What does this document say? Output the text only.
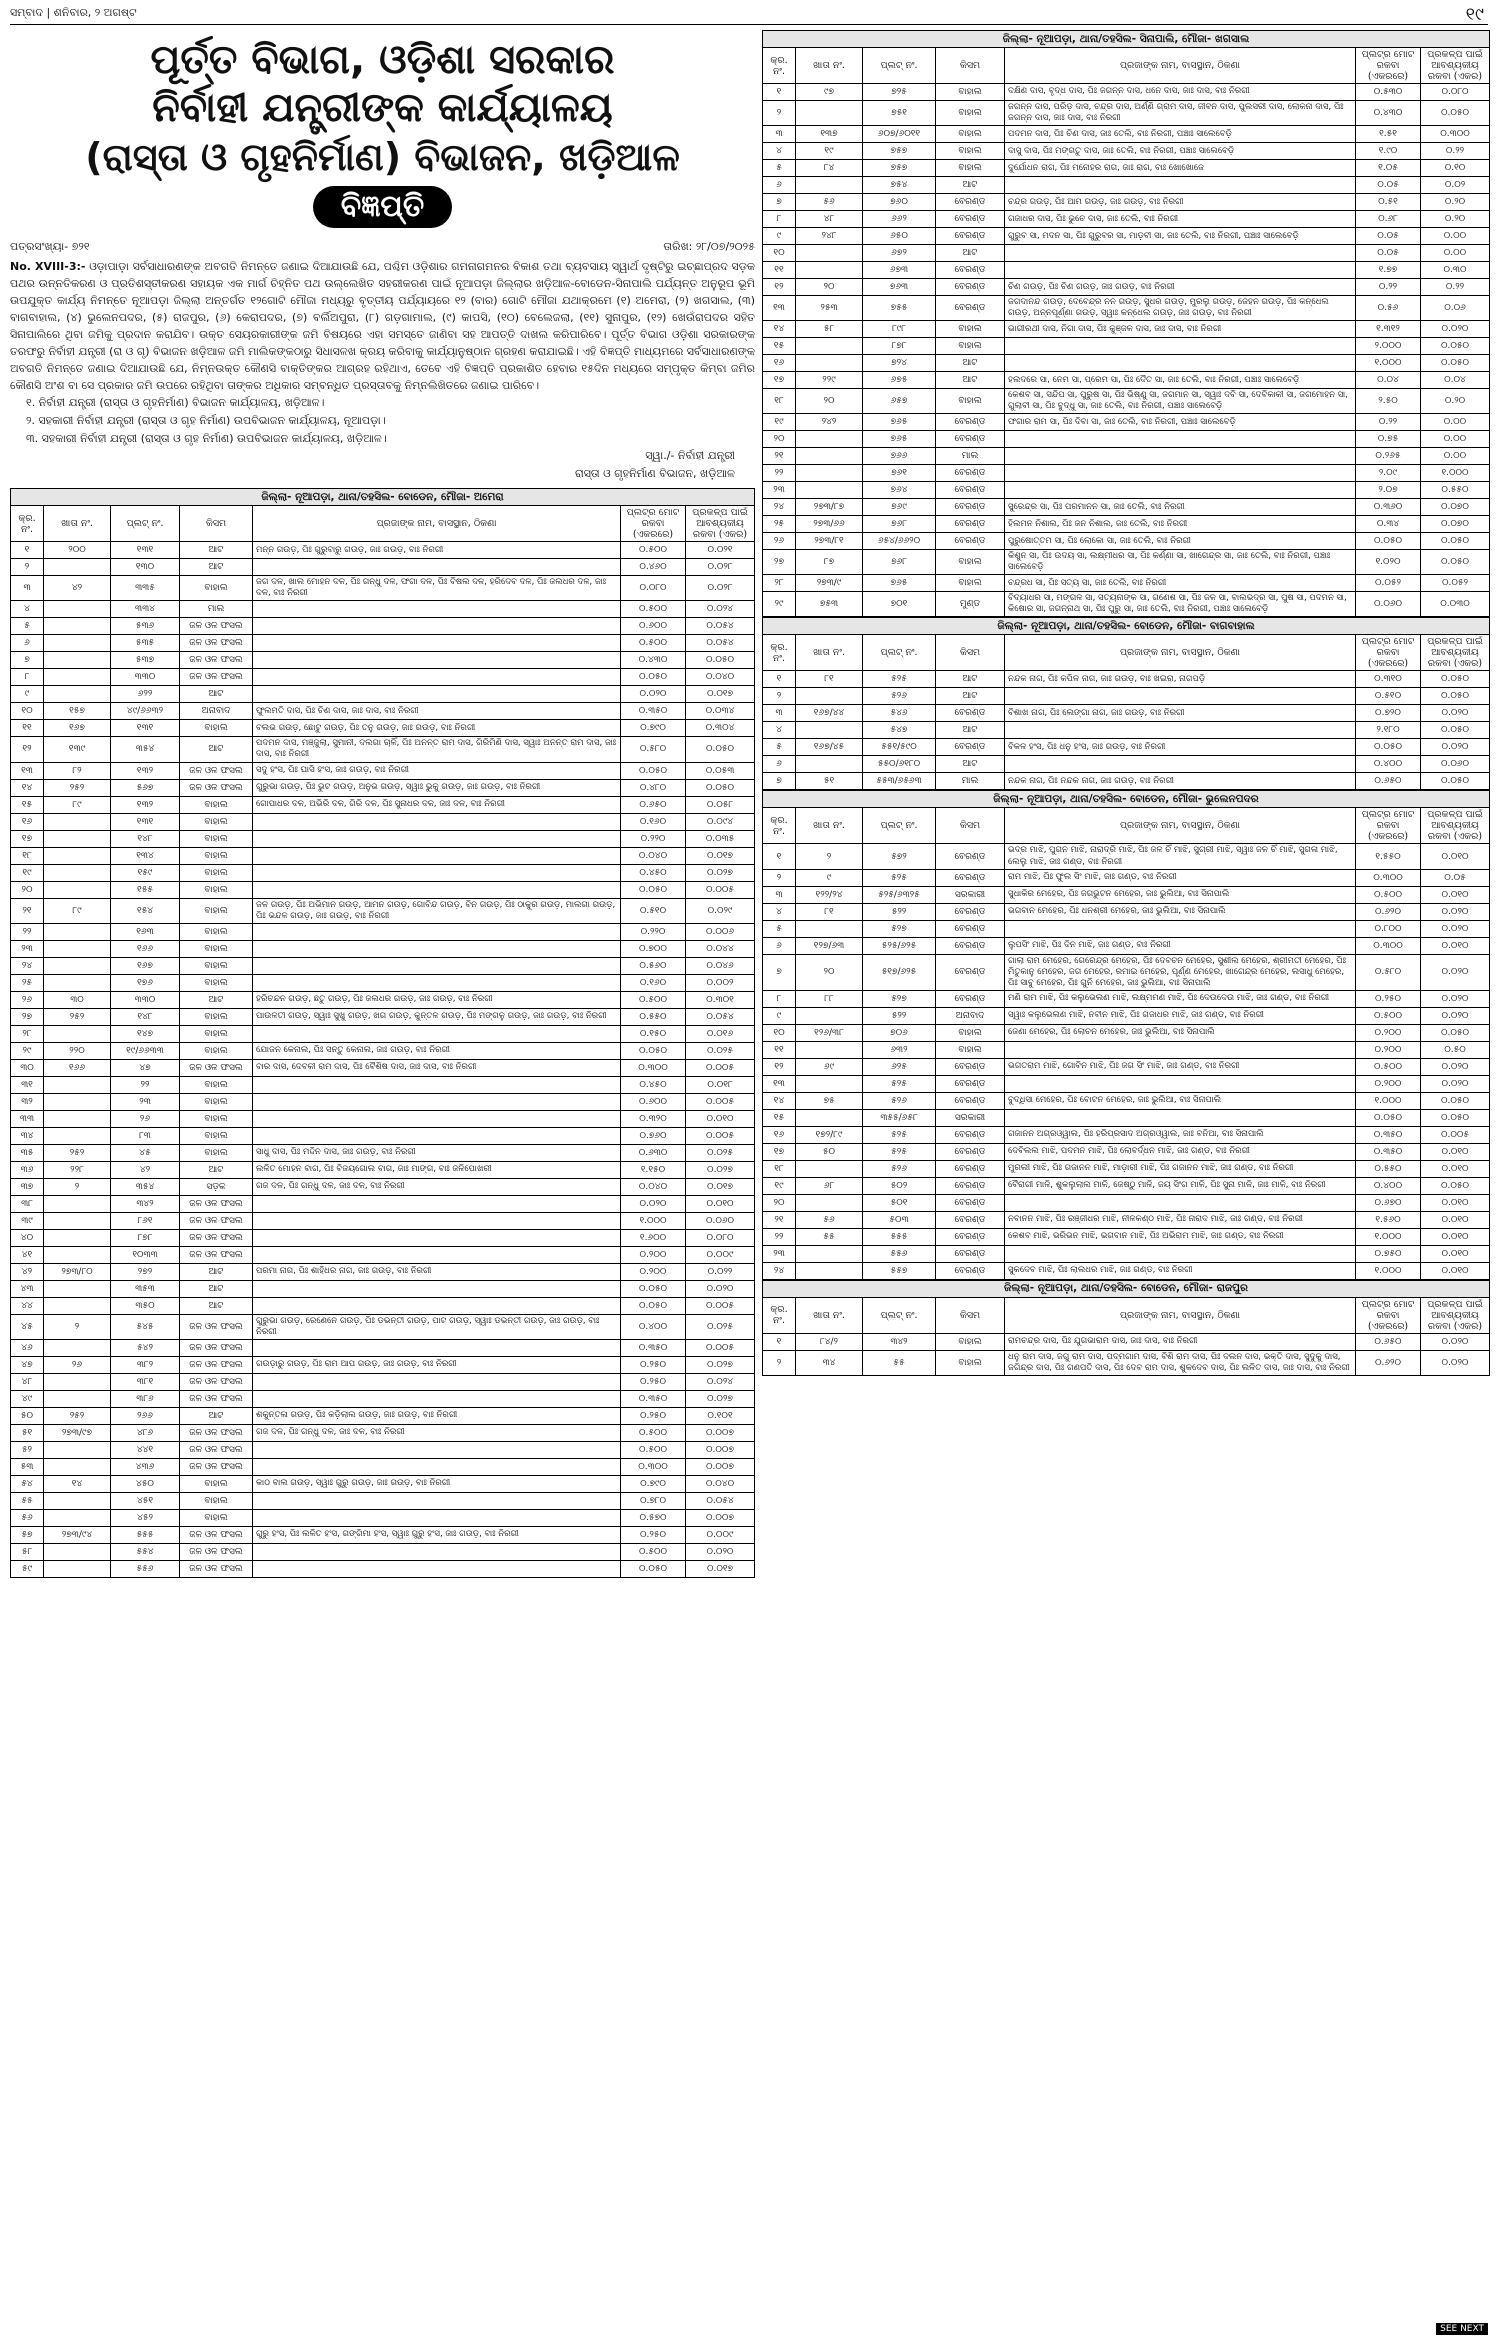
ସମ୍ବାଦ | ଶନିବାର, ୨ ଅଗଷ୍ଟ	୧୯
ପୂର୍ତ୍ତ ବିଭାଗ, ଓଡ଼ିଶା ସରକାର
ନିର୍ବାହୀ ଯନ୍ତ୍ରୀଙ୍କ କାର୍ଯ୍ୟାଳୟ
(ରାସ୍ତା ଓ ଗୃହନିର୍ମାଣ) ବିଭାଜନ, ଖଡ଼ିଆଳ
ବିଜ୍ଞପ୍ତି
ପତ୍ରସଂଖ୍ୟା- ୭୨୧	ତାରିଖ: ୨୮/୦୭/୨୦୨୫
No. XVIII-3:- ଓଡ଼ାପାଡ଼ା ସର୍ବସାଧାରଣଙ୍କ ଅବଗତି ନିମନ୍ତେ ଜଣାଇ ଦିଆଯାଉଛି ଯେ, ପଶ୍ଚିମ ଓଡ଼ିଶାର ଗମନାଗମନର ବିକାଶ ତଥା ବ୍ୟବସାୟ ସ୍ୱାର୍ଥ ଦୃଷ୍ଟିରୁ ଇଚ୍ଛାପ୍ରଦ ସଡ଼କ ପଥର ଉନ୍ନତିକରଣ ଓ ପ୍ରତିଶସ୍ତୀକରଣ ସହାୟକ ଏକ ମାର୍ଗ ଚିହ୍ନିତ ପଥ ଉଲ୍ଲେଖିତ ସହରୀକରଣ ପାଇଁ ନୂଆପଡ଼ା ଜିଲ୍ଲାର ଖଡ଼ିଆଳ-ବୋଡେନ-ସିନାପାଲି ପର୍ଯ୍ୟନ୍ତ ଅନୁରୂପ ଭୂମି ଉପଯୁକ୍ତ କାର୍ଯ୍ୟ ନିମନ୍ତେ ନୂଆପଡ଼ା ଜିଲ୍ଲା ଅନ୍ତର୍ଗତ ୧୨ଗୋଟି ମୌଜା ମଧ୍ୟରୁ ବୃତ୍ତୀୟ ପର୍ଯ୍ୟାୟରେ ୧୨ (ବାର) ଗୋଟି ମୌଜା ଯଥାକ୍ରମେ (୧) ଅମେରା, (୨) ଖଗସାଲ, (୩) ବାଗବାହାଲ, (୪) ଭୁଲେନପଦର, (୫) ରାଜପୁର, (୬) କେରାପଦର, (୭) ବର୍ଲିଅପୁରା, (୮) ଗଡ଼ଗାମାଲ, (୯) କାପସି, (୧୦) ବେଲେଜଲା, (୧୧) ସୁନାପୁର, (୧୨) ଖେଉଁରାପଦର ସହିତ ସିନାପାଲିରେ ଥିବା ଜମିକୁ ପ୍ରଦାନ କରାଯିବ। ଉକ୍ତ ସେୟରକାରୀଙ୍କ ଜମି ବିଷୟରେ ଏହା ସମସ୍ତେ ଜାଣିବା ସହ ଆପତ୍ତି ଦାଖଲ କରିପାରିବେ। ପୂର୍ତ୍ତ ବିଭାଗ ଓଡ଼ିଶା ସରକାରଙ୍କ ତରଫରୁ ନିର୍ବାହୀ ଯନ୍ତ୍ରୀ (ରା ଓ ଗୃ) ବିଭାଜନ ଖଡ଼ିଆଳ ଜମି ମାଲିକଙ୍କଠାରୁ ସିଧାସଳଖ କ୍ରୟ କରିବାକୁ କାର୍ଯ୍ୟାନୁଷ୍ଠାନ ଗ୍ରହଣ କରାଯାଇଛି। ଏହି ବିଜ୍ଞପ୍ତି ମାଧ୍ୟମରେ ସର୍ବସାଧାରଣଙ୍କ ଅବଗତି ନିମନ୍ତେ ଜଣାଇ ଦିଆଯାଉଛି ଯେ, ନିମ୍ନଉକ୍ତ କୌଣସି ବାକ୍ତିଙ୍କର ଆଗ୍ରହ ରହିଥାଏ, ତେବେ ଏହି ବିଜ୍ଞପ୍ତି ପ୍ରକାଶିତ ହେବାର ୧୫ଦିନ ମଧ୍ୟରେ ସମ୍ପୃକ୍ତ କିମ୍ବା ଜମିର କୌଣସି ଅଂଶ ବା ସେ ପ୍ରକାର ଜମି ଉପରେ ରହିଥିବା ତାଙ୍କର ଅଧିକାର ସମ୍ବନ୍ଧିତ ପ୍ରସ୍ତାବକୁ ନିମ୍ନଲିଖିତରେ ଜଣାଇ ପାରିବେ।
୧. ନିର୍ବାହୀ ଯନ୍ତ୍ରୀ (ରାସ୍ତା ଓ ଗୃହନିର୍ମାଣ) ବିଭାଜନ କାର୍ଯ୍ୟାଳୟ, ଖଡ଼ିଆଳ।
୨. ସହକାରୀ ନିର୍ବାହୀ ଯନ୍ତ୍ରୀ (ରାସ୍ତା ଓ ଗୃହ ନିର୍ମାଣ) ଉପବିଭାଜନ କାର୍ଯ୍ୟାଳୟ, ନୂଆପଡ଼ା।
୩. ସହକାରୀ ନିର୍ବାହୀ ଯନ୍ତ୍ରୀ (ରାସ୍ତା ଓ ଗୃହ ନିର୍ମାଣ) ଉପବିଭାଜନ କାର୍ଯ୍ୟାଳୟ, ଖଡ଼ିଆଳ।
ସ୍ୱା./- ନିର୍ବାହୀ ଯନ୍ତ୍ରୀ
ରାସ୍ତା ଓ ଗୃହନିର୍ମାଣ ବିଭାଜନ, ଖଡ଼ିଆଳ
ଜିଲ୍ଲା- ନୂଆପଡ଼ା, ଥାନା/ତହସିଲ- ବୋଡେନ, ମୌଜା- ଅମେରା						
କ୍ର. ନଂ.	ଖାତା ନଂ.	ପ୍ଲଟ୍ ନଂ.	କିସମ	ପ୍ରଜାଙ୍କ ନାମ, ବାସସ୍ଥାନ, ଠିକଣା	ପ୍ଲଟ୍‌ର ମୋଟ ରକବା (ଏକରରେ)	ପ୍ରକଳ୍ପ ପାଇଁ ଆବଶ୍ୟକୀୟ ରକବା (ଏକର)
୧	୨୦୦	୧୩୧	ଆଟ	ମନ୍ନ ଗଉଡ଼, ପିଃ ଗୁରୁବାରୁ ଗଉଡ଼, ଜାଃ ଗଉଡ଼, ବାଃ ନିରଗୀ	୦.୫୦୦	୦.୦୨୧
୨		୧୩୦	ଆଟ		୦.୪୬୦	୦.୦୨୮
୩	୪୨	୩୩୫	ବାହାଲ	ଜଗ ଦଳ, ଖାଲ ମୋହନ ଦଳ, ପିଃ ଗନ୍ଧୁ ଦଳ, ଫଗା ଦଳ, ପିଃ ବିଷଲ ଦଳ, ହରିଦେବ ଦଳ, ପିଃ ଜଲଧର ଦଳ, ଜାଃ ଦଳ, ବାଃ ନିରଗୀ	୦.୦୮୦	୦.୦୨୮
୪		୩୩୪	ମାଲ		୦.୫୦୦	୦.୦୨୪
୫		୫୩୬	ଜଳ ଓଳ ଫସଲ		୦.୬୦୦	୦.୦୫୪
୬		୫୩୫	ଜଳ ଓଳ ଫସଲ		୦.୫୦୦	୦.୦୫୪
୭		୫୩୭	ଜଳ ଓଳ ଫସଲ		୦.୪୩୦	୦.୦୫୦
୮		୩୩୦	ଜଳ ଓଳ ଫସଲ		୦.୦୫୦	୦.୦୪୦
୯		୬୨୨	ଆଟ		୦.୦୨୦	୦.୦୧୭
୧୦	୧୫୭	୪୯/୬୬୩୨	ଅନାବାଦ	ଫୁଲମତି ଦାସ, ପିଃ ଚିଣ ଦାସ, ଜାଃ ଦାସ, ବାଃ ନିରଗୀ	୦.୩୫୦	୦.୦୩୪
୧୧	୧୬୭	୧୩୧	ବାହାଲ	ବଲଭ ଗଉଡ଼, ଛୋଟୁ ଗଉଡ଼, ପିଃ ତନୁ ଗଉଡ଼, ଜାଃ ଗଉଡ଼, ବାଃ ନିରଗୀ	୦.୭୯୦	୦.୩୦୪
୧୨	୧୩୯	୩୫୪	ଆଟ	ପଦମନ ଦାସ, ମଞ୍ଜୁଲା, ସୁମାନୀ, ଦଲଗା ଚାଳିଁ, ପିଃ ଅନନ୍ତ ରାମ ଦାସ, ଗିରିମିଣି ଦାସ, ସ୍ୱାଃ ଅନନ୍ତ ରାମ ଦାସ, ଜାଃ ଦାସ, ବାଃ ନିରଗୀ	୦.୫୮୦	୦.୦୫୦
୧୩	୮୨	୧୩୨	ଜଳ ଓଳ ଫସଲ	ସଦୁ ହଂସ, ପିଃ ଘାସି ହଂସ, ଜାଃ ଗଉଡ଼, ବାଃ ନିରଗୀ	୦.୦୫୦	୦.୦୫୩
୧୪	୨୫୨	୫୬୭	ଜଳ ଓଳ ଫସଲ	ଗୁରୁଭା ଗଉଡ଼, ପିଃ ଭୁଟ ଗଉଡ଼, ଅନୁଭ ଗଉଡ଼, ସ୍ୱାଃ ଭୁକୁ ଗଉଡ଼, ଜାଃ ଗଉଡ଼, ବାଃ ନିରଗୀ	୦.୪୮୦	୦.୦୫୦
୧୫	୮୯	୧୩୨	ବାହାଲ	ଗୋପାଧର ଦଳ, ଅଭିରି ଦଳ, ଗିରି ଦଳ, ପିଃ ସୁନାଧର ଦଳ, ଜାଃ ଦଳ, ବାଃ ନିରଗୀ	୦.୬୫୦	୦.୦୫୮
୧୬		୧୩୧	ବାହାଲ		୦.୧୬୦	୦.୦୯୪
୧୭		୧୪୮	ବାହାଲ		୦.୨୨୦	୦.୦୩୫
୧୮		୧୩୪	ବାହାଲ		୦.୦୪୦	୦.୦୧୭
୧୯		୧୫୯	ବାହାଲ		୦.୪୫୦	୦.୦୨୭
୨୦		୧୫୫	ବାହାଲ		୦.୦୫୦	୦.୦୦୫
୨୧	୮୯	୧୫୪	ବାହାଲ	ଜଳ ଗଉଡ଼, ପିଃ ଅଭିମାନ ଗଉଡ଼, ଆମନ ଗଉଡ଼, ଗୋବିନ୍ଦ ଗଉଡ଼, ବିନ ଗଉଡ଼, ପିଃ ଠାକୁର ଗଉଡ଼, ମାଲଗା ଗଉଡ଼, ପିଃ ଭନ୍ଦଳ ଗଉଡ଼, ଜାଃ ଗଉଡ଼, ବାଃ ନିରଗୀ	୦.୫୧୦	୦.୦୨୯
୨୨		୧୬୩	ବାହାଲ		୦.୨୨୦	୦.୦୦୬
୨୩		୧୬୬	ବାହାଲ		୦.୭୦୦	୦.୦୪୪
୨୪		୧୬୭	ବାହାଲ		୦.୫୬୦	୦.୦୪୬
୨୫		୧୭୬	ବାହାଲ		୦.୧୬୦	୦.୦୦୨
୨୬	୩୦	୩୩୦	ଆଟ	ହରିଚନ୍ଦନ ଗଉଡ଼, ଛତୁ ଗଉଡ଼, ପିଃ ଜଲଧର ଗଉଡ଼, ଜାଃ ଗଉଡ଼, ବାଃ ନିରଗୀ	୦.୫୦୦	୦.୩୦୧
୨୭	୨୫୨	୧୪୮	ବାହାଲ	ପାଉଳତୀ ଗଉଡ଼, ସ୍ୱାଃ ସୁଖୁ ଗଉଡ଼, ଖଗ ଗଉଡ଼, କୁନ୍ତଳ ଗଉଡ଼, ପିଃ ମଙ୍ଗଳୁ ଗଉଡ଼, ଜାଃ ଗଉଡ଼, ବାଃ ନିରଗୀ	୦.୫୫୦	୦.୦୫୪
୨୮		୧୪୭	ବାହାଲ		୦.୧୫୦	୦.୦୧୬
୨୯	୨୨୦	୧୯/୬୬୩୩	ବାହାଲ	ଯୋଜନ କେନାଲ, ପିଃ ସନ୍ତୁ କେନାଲ, ଜାଃ ଗଉଡ଼, ବାଃ ନିରଗୀ	୦.୦୫୦	୦.୦୨୫
୩୦	୧୬୬	୪୭	ଜଳ ଓଳ ଫସଲ	ବାର ଦାସ, ଦେବକୀ ରାମ ଦାସ, ପିଃ ବୈଶିଷ ଦାସ, ଜାଃ ଦାସ, ବାଃ ନିରଗୀ	୦.୩୦୦	୦.୦୦୫
୩୧		୨୨	ବାହାଲ		୦.୪୫୦	୦.୦୧୮
୩୨		୨୩	ବାହାଲ		୦.୬୦୦	୦.୦୦୫
୩୩		୨୬	ବାହାଲ		୦.୩୨୦	୦.୦୧୦
୩୪		୮୩	ବାହାଲ		୦.୭୬୦	୦.୦୦୫
୩୫	୨୫୨	୪୫	ବାହାଲ	ସାଧୁ ଦାସ, ପିଃ ମଦ୍ଦିନ ଦାସ, ଜାଃ ଗଉଡ଼, ବାଃ ନିରଗୀ	୦.୬୩୦	୦.୦୨୫
୩୬	୨୨୮	୪୨	ଆଟ	ଲଳିତ ମୋହନ ବାଗ, ପିଃ ବିଜୟଗୋଲ ବାଗ, ଜାଃ ମାଙ୍ଗ, ବାଃ ଜଳିପୋଖରୀ	୧.୧୫୦	୦.୦୨୭
୩୭	୨	୩୫୪	ସଡ଼କ	ଗଜ ଦଳ, ପିଃ ଗନ୍ଧୁ ଦଳ, ଜାଃ ଦଳ, ବାଃ ନିରଗୀ	୦.୦୪୦	୦.୦୧୭
୩୮		୩୪୨	ଜଳ ଓଳ ଫସଲ		୦.୦୨୦	୦.୦୧୦
୩୯		୮୬୧	ଜଳ ଓଳ ଫସଲ		୧.୦୦୦	୦.୦୬୦
୪୦		୮୭୮	ଜଳ ଓଳ ଫସଲ		୧.୬୦୦	୦.୦୮୦
୪୧		୧୦୩୩	ଜଳ ଓଳ ଫସଲ		୦.୨୦୦	୦.୦୦୯
୪୨	୨୭୩/୮୦	୨୭୨	ଆଟ	ପରମା ନାଗ, ପିଃ ଶାହିଧର ନାଗ, ଜାଃ ଗଉଡ଼, ବାଃ ନିରଗୀ	୦.୨୦୦	୦.୦୨୨
୪୩		୩୫୩	ଆଟ		୦.୦୫୦	୦.୦୨୦
୪୪		୩୫୦	ଆଟ		୦.୦୫୦	୦.୦୦୫
୪୫	୨	୫୪୫	ଜଳ ଓଳ ଫସଲ	ଗୁରୁଭା ଗଉଡ଼, ରେଣେନେ ଗଉଡ଼, ପିଃ ଡଭନ୍ତୀ ଗଉଡ଼, ପାଟ ଗଉଡ଼, ସ୍ୱାଃ ଡଭନ୍ତୀ ଗଉଡ଼, ଜାଃ ଗଉଡ଼, ବାଃ ନିରଗୀ	୦.୪୦୦	୦.୦୨୫
୪୬		୫୪୨	ଜଳ ଓଳ ଫସଲ		୦.୩୫୦	୦.୦୦୫
୪୭	୨୬	୩୮୨	ଜଳ ଓଳ ଫସଲ	ଗଉଡ଼ାରୁ ଗଉଡ଼, ପିଃ ରାମ ଆପ ଗଉଡ଼, ଜାଃ ଗଉଡ଼, ବାଃ ନିରଗୀ	୦.୨୫୦	୦.୦୨୭
୪୮		୩୮୧	ଜଳ ଓଳ ଫସଲ		୦.୨୫୦	୦.୦୨୪
୪୯		୩୮୬	ଜଳ ଓଳ ଫସଲ		୦.୩୫୦	୦.୦୨୭
୫୦	୨୫୨	୨୬୬	ଆଟ	ଶକୁନ୍ତଳା ଗଉଡ଼, ପିଃ କଡ଼ିଲାଲ ଗଉଡ଼, ଜାଃ ଗଉଡ଼, ବାଃ ନିରଗୀ	୦.୨୫୦	୦.୧୦୧
୫୧	୨୭୩/୯୭	୪୮୬	ଜଳ ଓଳ ଫସଲ	ଗଜ ଦଳ, ପିଃ ଗନ୍ଧୁ ଦଳ, ଜାଃ ଦଳ, ବାଃ ନିରଗୀ	୦.୫୦୦	୦.୦୦୭
୫୨		୪୪୧	ଜଳ ଓଳ ଫସଲ		୦.୫୦୦	୦.୦୦୭
୫୩		୪୩୬	ଜଳ ଓଳ ଫସଲ		୦.୩୦୦	୦.୦୦୭
୫୪	୧୪	୪୫୦	ବାହାଲ	କାଠ ବାଲ ଗଉଡ଼, ସ୍ୱାଃ ଗୁରୁ ଗଉଡ଼, ଜାଃ ଗଉଡ଼, ବାଃ ନିରଗୀ	୦.୭୯୦	୦.୦୪୦
୫୫		୪୫୧	ବାହାଲ		୦.୭୮୦	୦.୦୫୪
୫୬		୪୫୨	ବାହାଲ		୦.୫୭୦	୦.୦୦୭
୫୭	୨୭୩/୯୪	୫୫୫	ଜଳ ଓଳ ଫସଲ	ଗୁରୁ ହଂସ, ପିଃ ଲଳିତ ହଂସ, ଗଙ୍ଗିମା ହଂସ, ସ୍ୱାଃ ଗୁରୁ ହଂସ, ଜାଃ ଗଉଡ଼, ବାଃ ନିରଗୀ	୦.୨୫୦	୦.୦୦୯
୫୮		୫୫୪	ଜଳ ଓଳ ଫସଲ		୦.୫୦୦	୦.୦୨୦
୫୯		୫୫୬	ଜଳ ଓଳ ଫସଲ		୦.୦୫୦	୦.୦୧୭
ଜିଲ୍ଲା- ନୂଆପଡ଼ା, ଥାନା/ତହସିଲ- ସିନାପାଲି, ମୌଜା- ଖଗସାଲ						
କ୍ର. ନଂ.	ଖାତା ନଂ.	ପ୍ଲଟ୍ ନଂ.	କିସମ	ପ୍ରଜାଙ୍କ ନାମ, ବାସସ୍ଥାନ, ଠିକଣା	ପ୍ଲଟ୍‌ର ମୋଟ ରକବା (ଏକରରେ)	ପ୍ରକଳ୍ପ ପାଇଁ ଆବଶ୍ୟକୀୟ ରକବା (ଏକର)
୧	୯୭	୭୨୫	ବାହାଲ	ଦକ୍ଷିଣ ଦାସ, ବୃଦ୍ଧ ଦାସ, ପିଃ ଜଗନ୍ନ ଦାସ, ଧନେ ଦାସ, ଜାଃ ଦାସ, ବାଃ ନିରଗୀ	୦.୫୩୦	୦.୦୮୦
୨		୭୫୧	ବାହାଲ	ଜଗନ୍ନ ଦାସ, ପରିଡ଼ ଦାସ, ଚନ୍ଦ୍ର ଦାସ, ଅର୍ଣ୍ଣି ଗ୍ରାମ ଦାସ, ଜୀବନ ଦାସ, ପୁଲସରୀ ଦାସ, ଲୋକନା ଦାସ, ପିଃ ଜଗନ୍ନ ଦାସ, ଜାଃ ଦାସ, ବାଃ ନିରଗୀ	୦.୪୩୦	୦.୦୫୦
୩	୧୩୭	୬୦୭/୬୦୧୧	ବାହାଲ	ପଦମନ ଦାସ, ପିଃ ଚିଣ ଦାସ, ଜାଃ ତେଲି, ବାଃ ନିରଗୀ, ପଞ୍ଚାଃ ସାଲେବେଡ଼ି	୧.୫୧	୦.୩୦୦
୪	୧୯	୭୫୭	ବାହାଲ	ଦାସୁ ଦାସ, ପିଃ ମଙ୍ଗତୁ ଦାସ, ଜାଃ ତେଲି, ବାଃ ନିରଗୀ, ପଞ୍ଚାଃ ସାଲେବେଡ଼ି	୧.୯୦	୦.୨୨
୫	୮୪	୭୫୭	ବାହାଲ	ଦୁର୍ଯୋଧନ ରାଗ, ପିଃ ମନୋହର ରାଗ, ଜାଃ ରାଗ, ବାଃ ଖୋଖୋଜେ	୧.୦୫	୦.୧୦
୬		୭୫୪	ଆଟ		୦.୦୫	୦.୦୨
୭	୫୬	୭୬୦	ବେରଣ୍ଡ	ଚନ୍ଦ୍ର ଗଉଡ଼, ପିଃ ଆମ ଗଉଡ଼, ଜାଃ ଗଉଡ଼, ବାଃ ନିରଗୀ	୦.୫୧	୦.୨୦
୮	୪୮	୬୬୨	ବେରଣ୍ଡ	ଗଜାଧର ଦାସ, ପିଃ ଭୁଚେ ଦାସ, ଜାଃ ତେଲି, ବାଃ ନିରଗୀ	୦.୬୮	୦.୨୦
୯	୨୪୮	୬୫୦	ବେରଣ୍ଡ	ଗୁରୁବ ସା, ମଦନ ସା, ପିଃ ଗୁରୁବର ସା, ମାଡ଼ବୀ ସା, ଜାଃ ତେଲି, ବାଃ ନିରଗୀ, ପଞ୍ଚାଃ ସାଲେବେଡ଼ି	୦.୦୫	୦.୦୦
୧୦		୬୭୨	ଆଟ		୦.୦୫	୦.୦୦
୧୧		୬୭୩	ବେରଣ୍ଡ		୧.୭୭	୦.୩୦
୧୨	୨୦	୭୬୩	ବେରଣ୍ଡ	ଚିଣ ଗଉଡ଼, ପିଃ ଚିଣ ଗଉଡ଼, ଜାଃ ଗଉଡ଼, ବାଃ ନିରଗୀ	୦.୨୨	୦.୨୨
୧୩	୨୫୩	୭୫୫	ବେରଣ୍ଡ	ଜଗଦାନନ୍ଦ ଗଉଡ଼, ଦେବେନ୍ଦ୍ର ନନ ଗଉଡ଼, ସୁଧର ଗଉଡ଼, ମୁରଲୁ ଗଉଡ଼, ଜେହନ ଗଉଡ଼, ପିଃ କନ୍ଧେଲ ଗଉଡ଼, ଅନ୍ନପୂର୍ଣ୍ଣା ଗଉଡ଼, ସ୍ୱାଃ କନ୍ଧେଲ ଗଉଡ଼, ଜାଃ ଗଉଡ଼, ବାଃ ନିରଗୀ	୦.୫୬	୦.୦୬
୧୪	୫୮	୮୯୮	ବାହାଲ	ଭାଗୀରଥୀ ଦାସ, ନିଗା ଦାସ, ପିଃ କୁଞ୍ଜଳ ଦାସ, ଜାଃ ଦାସ, ବାଃ ନିରଗୀ	୧.୩୧୨	୦.୦୨୦
୧୫		୮୭୮	ବାହାଲ		୨.୦୦୦	୦.୦୫୦
୧୬		୭୨୪	ଆଟ		୧.୦୦୦	୦.୦୫୦
୧୭	୨୨୯	୬୭୫	ଆଟ	ହଲଦରେ ସା, ନେମ ସା, ପ୍ରେମ ସା, ପିଃ ଦୈତ ସା, ଜାଃ ତେଲି, ବାଃ ନିରଗୀ, ପଞ୍ଚାଃ ସାଲେବେଡ଼ି	୦.୦୪	୦.୦୪
୧୮	୨୦	୬୫୭	ବାହାଲ	କେଶବ ସା, ସନ୍ଦିପ ସା, ପୁରୁଷ ସା, ପିଃ ଭିଷ୍ଣୁ ସା, ଜଗମାନ ସା, ସ୍ୱାଃ ଦବି ସା, ଦେବିକାକୀ ସା, ଜଗମୋହନ ସା, ଗୁଲାବୀ ସା, ପିଃ ବୁଦ୍ଧୁ ସା, ଜାଃ ତେଲି, ବାଃ ନିରଗୀ, ପଞ୍ଚାଃ ସାଲେବେଡ଼ି	୨.୫୦	୦.୨୦
୧୯	୨୪୨	୭୬୫	ବେରଣ୍ଡ	ଫଗାର ରାମ ସା, ପିଃ ଦିବା ସା, ଜାଃ ତେଲି, ବାଃ ନିରଗୀ, ପଞ୍ଚାଃ ସାଲେବେଡ଼ି	୦.୨୨	୦.୦୦
୨୦		୭୬୫	ବେରଣ୍ଡ		୦.୭୫	୦.୦୦
୨୧		୭୬୬	ମାଲ		୦.୨୬୫	୦.୦୦
୨୨		୭୬୧	ବେରଣ୍ଡ		୨.୦୯	୧.୦୦୦
୨୩		୭୬୪	ବେରଣ୍ଡ		୨.୦୭	୦.୫୫୦
୨୪	୨୭୩/୮୭	୭୬୯	ବେରଣ୍ଡ	ସୁରେନ୍ଦ୍ର ସା, ପିଃ ପରମାନନ ସା, ଜାଃ ତେଲି, ବାଃ ନିରଗୀ	୦.୩୬୦	୦.୦୭୦
୨୫	୨୭୩/୬୬	୭୬୮	ବେରଣ୍ଡ	ହିଲମନ ନିଶାଲ, ପିଃ ଜନ ନିଶାଲ, ଜାଃ ତେଲି, ବାଃ ନିରଗୀ	୦.୩୪	୦.୦୭୦
୨୬	୨୭୩/୮୧	୬୫୪/୬୬୨୦	ବେରଣ୍ଡ	ପୁରୁଷୋତ୍ତମ ସା, ପିଃ ଲୋକୋ ସା, ଜାଃ ତେଲି, ବାଃ ନିରଗୀ	୦.୦୫୦	୦.୦୫୦
୨୭	୮୭	୭୬୮	ବାହାଲ	କିଶୁନ ସା, ପିଃ ଉଦୟ ସା, ଲକ୍ଷ୍ମୀଧର ସା, ପିଃ କର୍ଣ୍ଣା ସା, ଖାଗେନ୍ଦ୍ର ସା, ଜାଃ ତେଲି, ବାଃ ନିରଗୀ, ପଞ୍ଚାଃ ସାଲେବେଡ଼ି	୧.୦୨୦	୦.୦୫୦
୨୮	୨୭୩/୯	୭୬୫	ବାହାଲ	ଚନ୍ଦ୍ରଧ ସା, ପିଃ ସତ୍ୟ ସା, ଜାଃ ତେଲି, ବାଃ ନିରଗୀ	୦.୦୫୨	୦.୦୫୨
୨୯	୭୫୩	୭୦୧	ମୁଣ୍ଡ	ବିଦ୍ୟାଧର ସା, ମଙ୍ଗଳ ସା, ସତ୍ୟନାଙ୍କ ସା, ଗଣେଶ ସା, ପିଃ ଜଳ ସା, ବାଲଭଦ୍ର ସା, ପୁଷ ସା, ପଦମନ ସା, କିଷୋର ସା, ଜଗନ୍ନାଥ ସା, ପିଃ ପୁରୁ ସା, ଜାଃ ତେଲି, ବାଃ ନିରଗୀ, ପଞ୍ଚାଃ ସାଲେବେଡ଼ି	୦.୦୬୦	୦.୦୩୦
ଜିଲ୍ଲା- ନୂଆପଡ଼ା, ଥାନା/ତହସିଲ- ବୋଡେନ, ମୌଜା- ବାଗବାହାଲ						
କ୍ର. ନଂ.	ଖାତା ନଂ.	ପ୍ଲଟ୍ ନଂ.	କିସମ	ପ୍ରଜାଙ୍କ ନାମ, ବାସସ୍ଥାନ, ଠିକଣା	ପ୍ଲଟ୍‌ର ମୋଟ ରକବା (ଏକରରେ)	ପ୍ରକଳ୍ପ ପାଇଁ ଆବଶ୍ୟକୀୟ ରକବା (ଏକର)
୧	୮୧	୫୨୫	ଆଟ	ନନ୍ଦକ ନାଗ, ପିଃ କପିଳ ନାଗ, ଜାଃ ଗଉଡ଼, ବାଃ ଖଇରା, ନାଗପଡ଼ି	୦.୩୧୦	୦.୦୫୦
୨		୫୨୬	ଆଟ		୦.୫୧୦	୦.୦୫୦
୩	୧୬୭/୪୪	୫୪୬	ବେରଣ୍ଡ	ବିଶାଖ ନାଗ, ପିଃ ଲେଙ୍ଗା ନାଗ, ଜାଃ ଗଉଡ଼, ବାଃ ନିରଗୀ	୦.୭୨୦	୦.୦୨୦
୪		୫୪୭	ଆଟ		୨.୧୮୦	୦.୦୫୦
୫	୧୬୭/୪୫	୫୫୧/୫୯୦	ବେରଣ୍ଡ	ବିକଳ ହଂସ, ପିଃ ଧନୁ ହଂସ, ଜାଃ ଗଉଡ଼, ବାଃ ନିରଗୀ	୦.୦୫୦	୦.୦୨୦
୬		୫୫୦/୬୧୮୦	ଆଟ		୦.୪୦୦	୦.୦୬୦
୭	୫୧	୫୫୩/୬୫୬୩	ମାଲ	ନନ୍ଦକ ନାଗ, ପିଃ ନନ୍ଦକ ନାଗ, ଜାଃ ଗଉଡ଼, ବାଃ ନିରଗୀ	୦.୬୫୦	୦.୦୫୦
ଜିଲ୍ଲା- ନୂଆପଡ଼ା, ଥାନା/ତହସିଲ- ବୋଡେନ, ମୌଜା- ଭୁଲେନପଦର						
କ୍ର. ନଂ.	ଖାତା ନଂ.	ପ୍ଲଟ୍ ନଂ.	କିସମ	ପ୍ରଜାଙ୍କ ନାମ, ବାସସ୍ଥାନ, ଠିକଣା	ପ୍ଲଟ୍‌ର ମୋଟ ରକବା (ଏକରରେ)	ପ୍ରକଳ୍ପ ପାଇଁ ଆବଶ୍ୟକୀୟ ରକବା (ଏକର)
୧	୨	୫୭୨	ବେରଣ୍ଡ	ଭଦ୍ର ମାଝି, ପୁଗନ ମାଝି, ନାରାଦ୍ରି ମାଝି, ପିଃ ଜଳ ଚିଁ ମାଝି, ସୁଗ୍ରୀ ମାଝି, ସ୍ୱାଃ ଜଳ ଚିଁ ମାଝି, ସୁଗଳା ମାଝି, ଲେଲୁ ମାଝି, ଜାଃ ଗଣ୍ଡ, ବାଃ ନିରଗୀ	୧.୫୫୦	୦.୦୧୦
୨	୯	୫୨୫	ବେରଣ୍ଡ	ରାମ ମାଝି, ପିଃ ଫୁଲ ସିଂ ମାଝି, ଜାଃ ଗଣ୍ଡ, ବାଃ ନିରଗୀ	୦.୩୦୦	୦.୦୫
୩	୧୨୨/୨୪	୫୨୫/୬୩୨୫	ସରକାରୀ	ସୁଧାକିର ମେହେର, ପିଃ ଜଗଭୁଟନ ମେହେର, ଜାଃ ଭୁଲିଆ, ବାଃ ସିନାପାଲି	୦.୫୦୦	୦.୦୧୦
୪	୮୧	୫୨୨	ବେରଣ୍ଡ	ଭଗବାନ ମେହେର, ପିଃ ଧନଶ୍ରୀ ମେହେର, ଜାଃ ଭୁଲିଆ, ବାଃ ସିନାପାଲି	୦.୬୨୦	୦.୦୨୦
୫		୫୨୭	ବେରଣ୍ଡ		୦.୮୦୦	୦.୦୨୦
୬	୧୨୭/୬୩	୫୨୫/୬୨୫	ବେରଣ୍ଡ	ଲୁପସିଂ ମାଝି, ପିଃ ଦିନ ମାଝି, ଜାଃ ଗଣ୍ଡ, ବାଃ ନିରଗୀ	୦.୩୦୦	୦.୦୧୦
୭	୨୦	୫୧୭/୬୨୫	ବେରଣ୍ଡ	ଗାଲା ରାମ ମେହେର, ଗେରେନ୍ଦ୍ର ମେହେର, ପିଃ ଦେବଚନ ମେହେର, ସୁଶୀଲ ମେହେର, ଶ୍ରୀମତୀ ମେହେର, ପିଃ ମିତୁକାନୁ ମେହେର, ଜଗ ମେହେର, ରମାଇ ମେହେର, ପୂର୍ଣ୍ଣ ମେହେର, ଖାଗେନ୍ଦ୍ର ମେହେର, ଲସାଧୁ ମେହେର, ପିଃ ସାବୁ ମେହେର, ପିଃ ଗୁନି ମେହେର, ଜାଃ ଭୁଲିଆ, ବାଃ ସିନାପାଲି	୦.୫୮୦	୦.୦୨୦
୮	୮୮	୫୨୭	ବେରଣ୍ଡ	ମଣି ରାମ ମାଝି, ପିଃ କଲୁଭେଲଣ ମାଝି, ଲକ୍ଷ୍ମମଣ ମାଝି, ପିଃ ଦେଉଦେଉ ମାଝି, ଜାଃ ଗଣ୍ଡ, ବାଃ ନିରଗୀ	୦.୨୫୦	୦.୦୨୦
୯		୫୨୨	ଅନାବାଦ	ସ୍ୱାଃ କଲୁଭେଲଣ ମାଝି, ନବୀନ ମାଝି, ପିଃ ଗଜାଧର ମାଝି, ଜାଃ ଗଣ୍ଡ, ବାଃ ନିରଗୀ	୦.୫୦୦	୦.୦୨୦
୧୦	୧୨୬/୩୮	୭୦୬	ବାହାଲ	ଜେଣା ମେହେର, ପିଃ ଲୋଚନ ମେହେର, ଜାଃ ଭୁଲିଆ, ବାଃ ସିନାପାଲି	୦.୨୦୦	୦.୦୫୦
୧୧		୬୩୨	ବାହାଲ		୦.୨୦୦	୦.୫୦
୧୨	୬୯	୬୨୫	ବେରଣ୍ଡ	ଭଗତରାମ ମାଝି, ଗୋବିନ ମାଝି, ପିଃ ଜଗ ସିଂ ମାଝି, ଜାଃ ଗଣ୍ଡ, ବାଃ ନିରଗୀ	୦.୫୦୦	୦.୦୨୦
୧୩		୫୨୫	ବେରଣ୍ଡ		୦.୨୦୦	୦.୦୨୦
୧୪	୭୫	୫୨୬	ବେରଣ୍ଡ	ବୁଦ୍ଧିସା ମେହେର, ପିଃ ବୋଟନ ମେହେର, ଜାଃ ଭୁଲିଆ, ବାଃ ସିନାପାଲି	୧.୦୦୦	୦.୦୫୦
୧୫		୩୫୫/୬୫୮	ସରକାରୀ		୦.୦୫୦	୦.୦୫୦
୧୬	୧୭୨/୮୯	୫୨୫	ବେରଣ୍ଡ	ଗଜାନନ ଅଗ୍ରଓ୍ୱାଲ, ପିଃ ହରିପ୍ରସାଦ ଅଗ୍ରଓ୍ୱାଲ, ଜାଃ ବନିଆ, ବାଃ ସିନାପାଲି	୦.୩୫୦	୦.୦୦୫
୧୭	୫୦	୫୨୫	ବେରଣ୍ଡ	ଦେବିଲଲ ମାଝି, ପଦମନ ମାଝି, ପିଃ ଲୋବର୍ଦ୍ଧନ ମାଝି, ଜାଃ ଗଣ୍ଡ, ବାଃ ନିରଗୀ	୦.୩୫୦	୦.୦୧୦
୧୮		୫୨୬	ବେରଣ୍ଡ	ମୁରଲୀ ମାଝି, ପିଃ ଗଜାନନ ମାଝି, ମାଡ଼ାରୀ ମାଝି, ପିଃ ଗଜାନନ ମାଝି, ଜାଃ ଗଣ୍ଡ, ବାଃ ନିରଗୀ	୦.୫୫୦	୦.୦୧୦
୧୯	୬୮	୫୦୨	ବେରଣ୍ଡ	ବୈରାଗୀ ମାଳି, ଶୁକଲୁଲାଲ ମାଳି, ଜେଷ୍ଠୁ ମାଳି, ଜୟ ସିଂଗ ମାଳି, ପିଃ ସୁନା ମାଳି, ଜାଃ ମାଳି, ବାଃ ନିରଗୀ	୦.୪୦୦	୦.୦୫୦
୨୦		୫୦୧	ବେରଣ୍ଡ		୦.୬୭୦	୦.୦୧୦
୨୧	୫୬	୫୦୩	ବେରଣ୍ଡ	ନବାନନ ମାଝି, ପିଃ ରଞ୍ଜୀଧର ମାଝି, ନୀଳକଣ୍ଠ ମାଝି, ପିଃ ନାରାଦ ମାଝି, ଜାଃ ଗଣ୍ଡ, ବାଃ ନିରଗୀ	୧.୫୬୦	୦.୦୧୦
୨୨	୫୫	୫୫୫	ବେରଣ୍ଡ	କେଶବ ମାଝି, ଭରିଭନ ମାଝି, ଭଗବାନ ମାଝି, ପିଃ ଅଭିରାମ ମାଝି, ଜାଃ ଗଣ୍ଡ, ବାଃ ନିରଗୀ	୧.୦୦୦	୦.୦୧୦
୨୩		୫୫୬	ବେରଣ୍ଡ		୦.୭୫୦	୦.୦୧୦
୨୪		୫୫୭	ବେରଣ୍ଡ	ସୁକଦେବ ମାଝି, ପିଃ ଲାଲଧର ମାଝି, ଜାଃ ଗଣ୍ଡ, ବାଃ ନିରଗୀ	୧.୦୦୦	୦.୦୧୦
ଜିଲ୍ଲା- ନୂଆପଡ଼ା, ଥାନା/ତହସିଲ- ବୋଡେନ, ମୌଜା- ରାଜପୁର						
କ୍ର. ନଂ.	ଖାତା ନଂ.	ପ୍ଲଟ୍ ନଂ.	କିସମ	ପ୍ରଜାଙ୍କ ନାମ, ବାସସ୍ଥାନ, ଠିକଣା	ପ୍ଲଟ୍‌ର ମୋଟ ରକବା (ଏକରରେ)	ପ୍ରକଳ୍ପ ପାଇଁ ଆବଶ୍ୟକୀୟ ରକବା (ଏକର)
୧	୮୪/୨	୩୪୨	ବାହାଲ	ରାମଚନ୍ଦ୍ର ଦାସ, ପିଃ ଯୁଗଭାରାମ ଦାସ, ଜାଃ ଦାସ, ବାଃ ନିରଗୀ	୦.୬୫୦	୦.୦୨୦
୨	୩୪	୫୫	ବାହାଲ	ଧନୁ ରାମ ଦାସ, ଜଗୁ ରାମ ଦାସ, ପଦ୍ମଗାମ ଦାସ, ବିଶି ରାମ ଦାସ, ପିଃ ଦଲନ ଦାସ, ଭକ୍ତି ଦାସ, ସୁଦୁକୁ ଦାସ, ଜଗିନ୍ଦ୍ର ଦାସ, ପିଃ ଗଣପତି ଦାସ, ପିଃ ଦେବ ରାମ ଦାସ, ଶୁକଦେବ ଦାସ, ପିଃ ଲଳିତ ଦାସ, ଜାଃ ଦାସ, ବାଃ ନିରଗୀ	୦.୬୨୦	୦.୦୨୦
SEE NEXT
